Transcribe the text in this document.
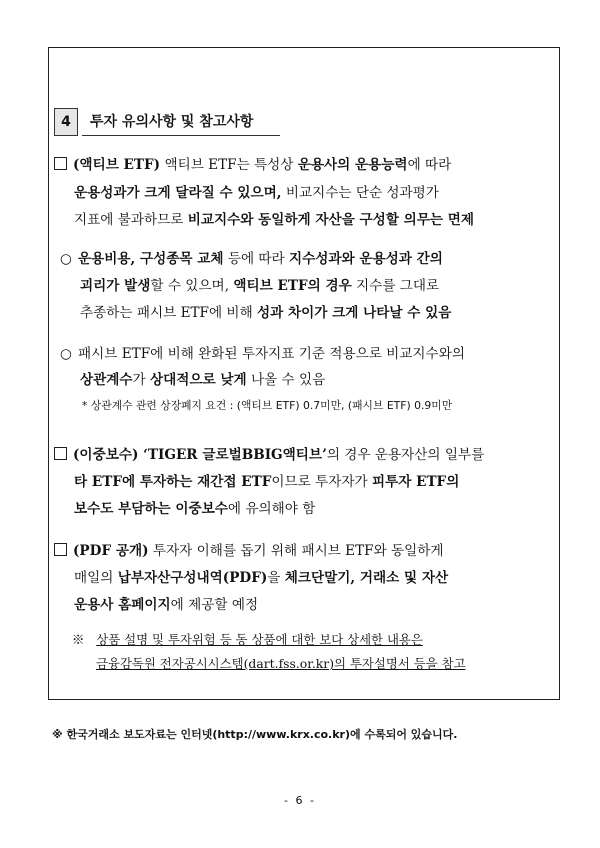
4	투자 유의사항 및 참고사항
(액티브 ETF) 액티브 ETF는 특성상 운용사의 운용능력에 따라
운용성과가 크게 달라질 수 있으며, 비교지수는 단순 성과평가
지표에 불과하므로 비교지수와 동일하게 자산을 구성할 의무는 면제
○ 운용비용, 구성종목 교체 등에 따라 지수성과와 운용성과 간의
괴리가 발생할 수 있으며, 액티브 ETF의 경우 지수를 그대로
추종하는 패시브 ETF에 비해 성과 차이가 크게 나타날 수 있음
○ 패시브 ETF에 비해 완화된 투자지표 기준 적용으로 비교지수와의
상관계수가 상대적으로 낮게 나올 수 있음
* 상관계수 관련 상장폐지 요건 : (액티브 ETF) 0.7미만, (패시브 ETF) 0.9미만
(이중보수) ‘TIGER 글로벌BBIG액티브’의 경우 운용자산의 일부를
타 ETF에 투자하는 재간접 ETF이므로 투자자가 피투자 ETF의
보수도 부담하는 이중보수에 유의해야 함
(PDF 공개) 투자자 이해를 돕기 위해 패시브 ETF와 동일하게
매일의 납부자산구성내역(PDF)을 체크단말기, 거래소 및 자산
운용사 홈페이지에 제공할 예정
※ 상품 설명 및 투자위험 등 동 상품에 대한 보다 상세한 내용은
금융감독원 전자공시시스템(dart.fss.or.kr)의 투자설명서 등을 참고
※ 한국거래소 보도자료는 인터넷(http://www.krx.co.kr)에 수록되어 있습니다.
- 6 -
